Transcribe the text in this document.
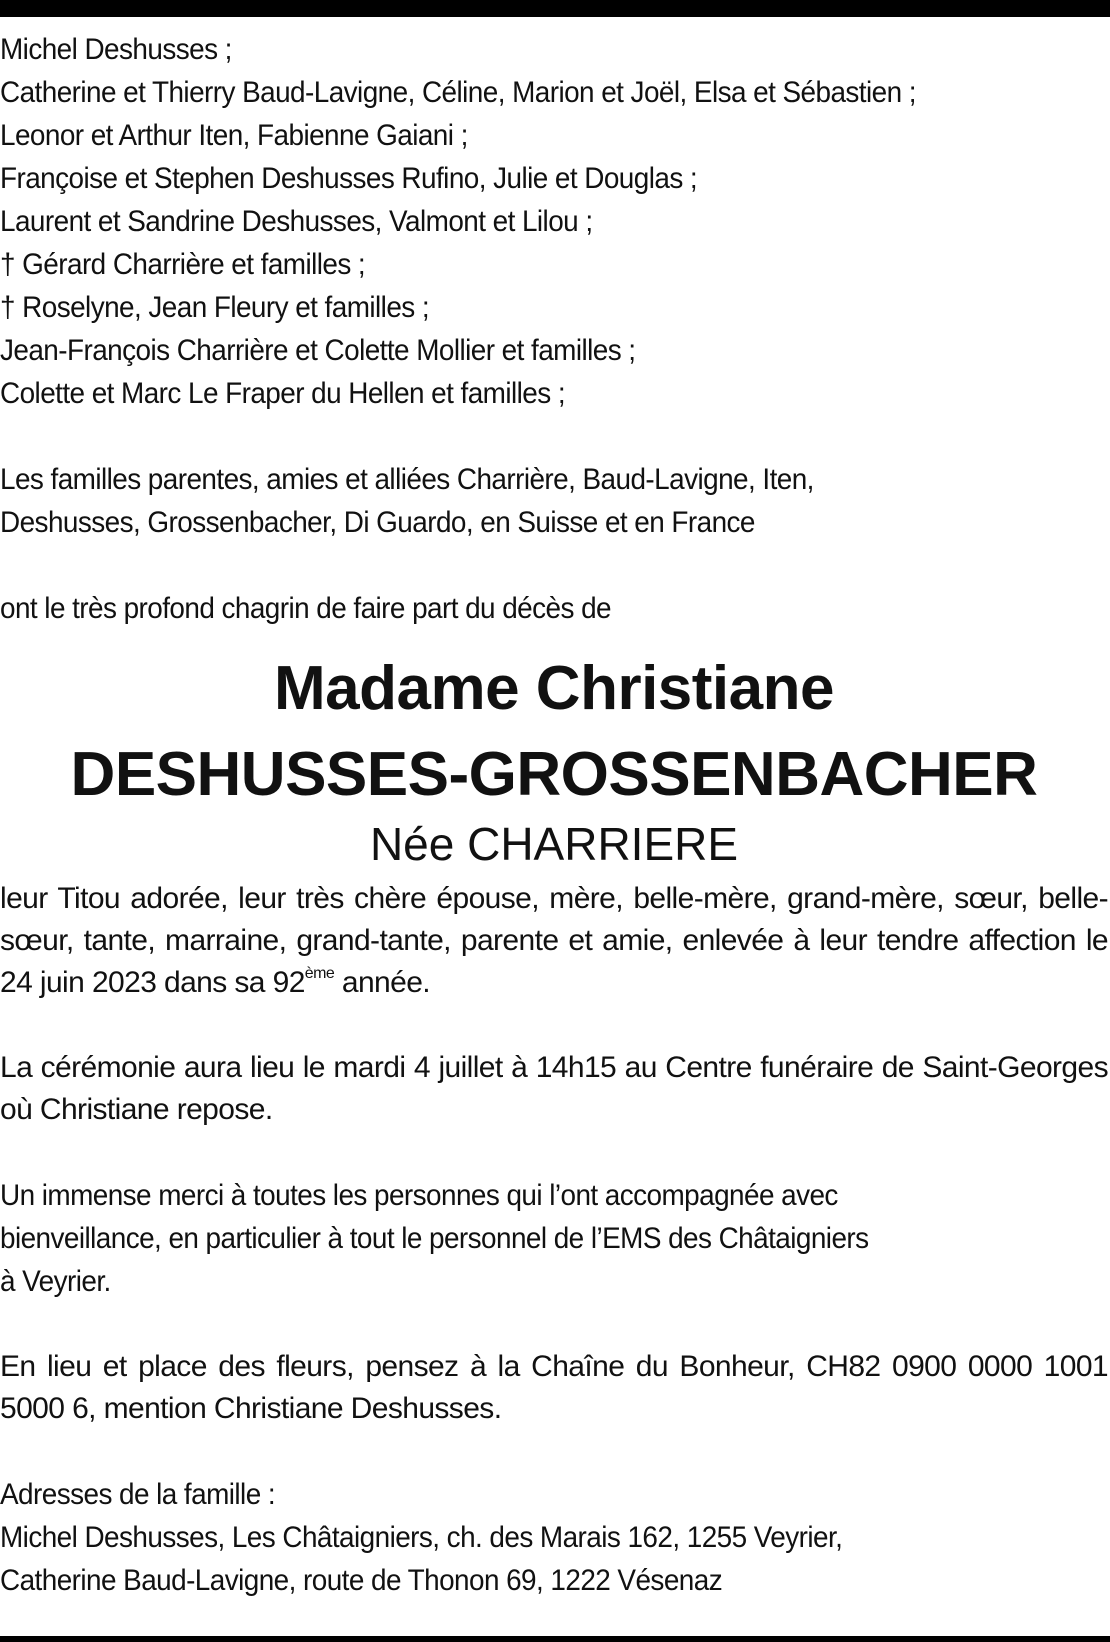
Michel Deshusses ;
Catherine et Thierry Baud-Lavigne, Céline, Marion et Joël, Elsa et Sébastien ;
Leonor et Arthur Iten, Fabienne Gaiani ;
Françoise et Stephen Deshusses Rufino, Julie et Douglas ;
Laurent et Sandrine Deshusses, Valmont et Lilou ;
† Gérard Charrière et familles ;
† Roselyne, Jean Fleury et familles ;
Jean-François Charrière et Colette Mollier et familles ;
Colette et Marc Le Fraper du Hellen et familles ;
Les familles parentes, amies et alliées Charrière, Baud-Lavigne, Iten,
Deshusses, Grossenbacher, Di Guardo, en Suisse et en France
ont le très profond chagrin de faire part du décès de
Madame Christiane
DESHUSSES-GROSSENBACHER
Née CHARRIERE
leur Titou adorée, leur très chère épouse, mère, belle-mère, grand-mère, sœur, belle-sœur, tante, marraine, grand-tante, parente et amie, enlevée à leur tendre affection le 24 juin 2023 dans sa 92ème année.
La cérémonie aura lieu le mardi 4 juillet à 14h15 au Centre funéraire de Saint-Georges où Christiane repose.
Un immense merci à toutes les personnes qui l’ont accompagnée avec
bienveillance, en particulier à tout le personnel de l’EMS des Châtaigniers
à Veyrier.
En lieu et place des fleurs, pensez à la Chaîne du Bonheur, CH82 0900 0000 1001 5000 6, mention Christiane Deshusses.
Adresses de la famille :
Michel Deshusses, Les Châtaigniers, ch. des Marais 162, 1255 Veyrier,
Catherine Baud-Lavigne, route de Thonon 69, 1222 Vésenaz
